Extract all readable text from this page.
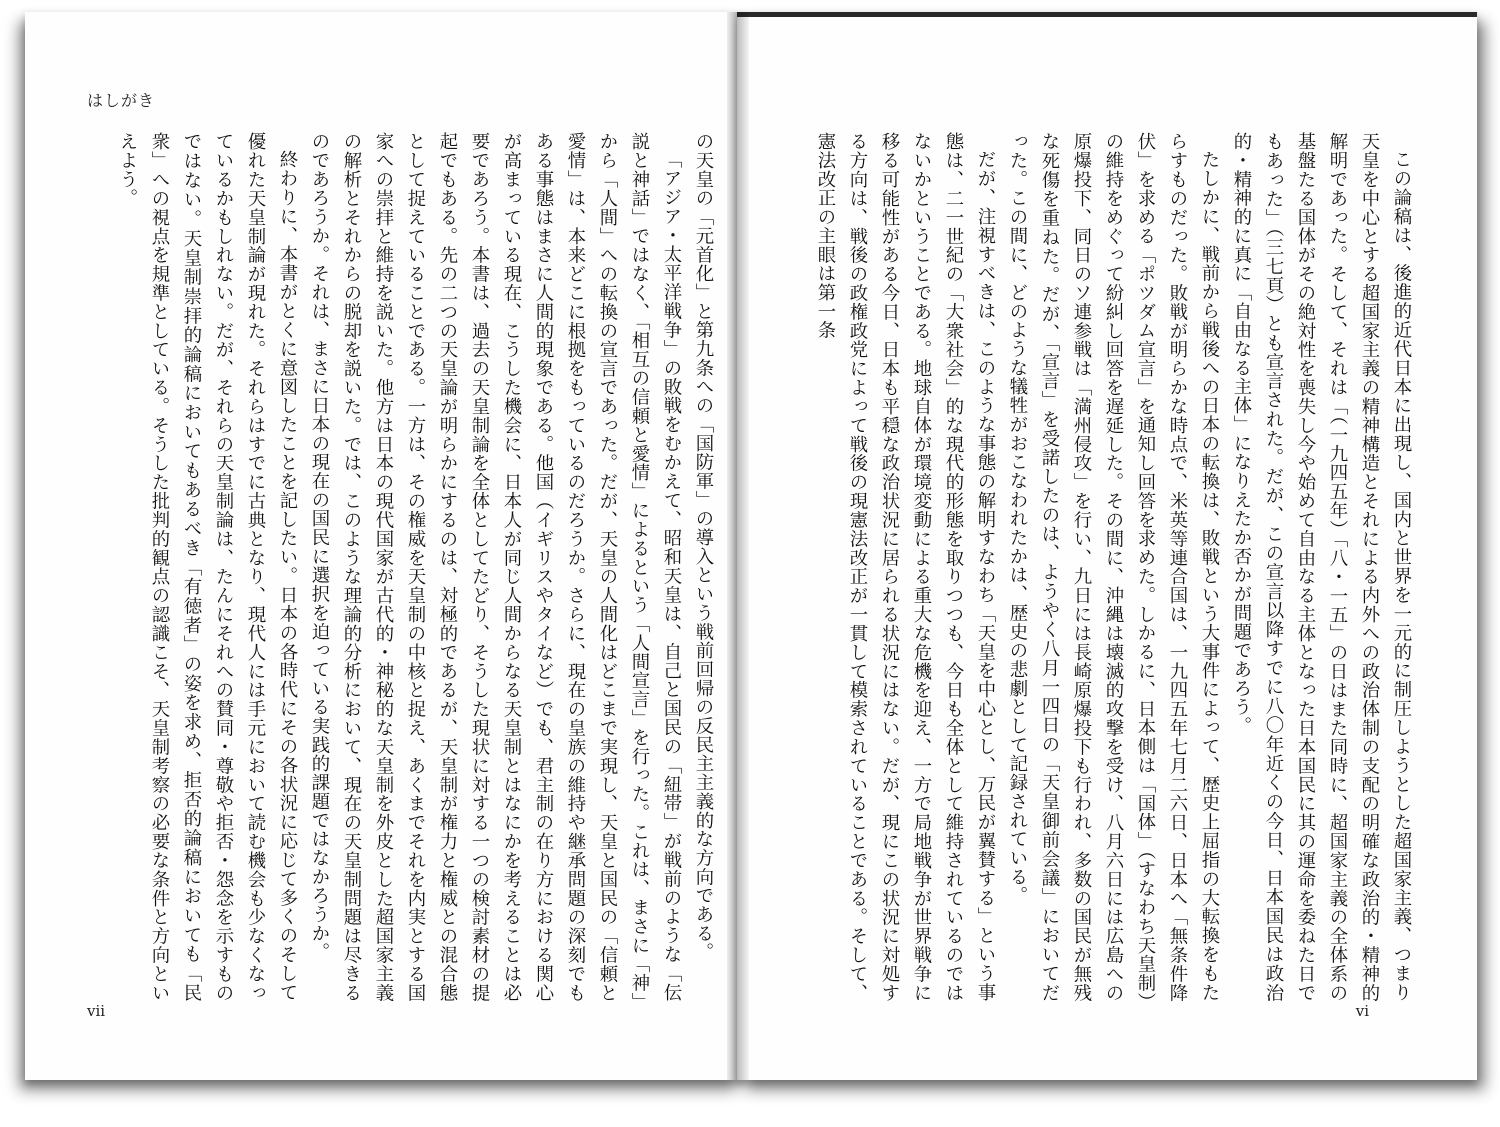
はしがき

の天皇の「元首化」と第九条への「国防軍」の導入という戦前回帰の反民主主義的な方向である。

「アジア・太平洋戦争」の敗戦をむかえて、昭和天皇は、自己と国民の「紐帯」が戦前のような「伝説と神話」ではなく、「相互の信頼と愛情」によるという「人間宣言」を行った。これは、まさに「神」から「人間」への転換の宣言であった。だが、天皇の人間化はどこまで実現し、天皇と国民の「信頼と愛情」は、本来どこに根拠をもっているのだろうか。さらに、現在の皇族の維持や継承問題の深刻でもある事態はまさに人間的現象である。他国（イギリスやタイなど）でも、君主制の在り方における関心が高まっている現在、こうした機会に、日本人が同じ人間からなる天皇制とはなにかを考えることは必要であろう。本書は、過去の天皇制論を全体としてたどり、そうした現状に対する一つの検討素材の提起でもある。先の二つの天皇論が明らかにするのは、対極的であるが、天皇制が権力と権威との混合態として捉えていることである。一方は、その権威を天皇制の中核と捉え、あくまでそれを内実とする国家への崇拝と維持を説いた。他方は日本の現代国家が古代的・神秘的な天皇制を外皮とした超国家主義の解析とそれからの脱却を説いた。では、このような理論的分析において、現在の天皇制問題は尽きるのであろうか。それは、まさに日本の現在の国民に選択を迫っている実践的課題ではなかろうか。

終わりに、本書がとくに意図したことを記したい。日本の各時代にその各状況に応じて多くのそして優れた天皇制論が現れた。それらはすでに古典となり、現代人には手元において読む機会も少なくなっているかもしれない。だが、それらの天皇制論は、たんにそれへの賛同・尊敬や拒否・怨念を示すものではない。天皇制崇拝的論稿においてもあるべき「有徳者」の姿を求め、拒否的論稿においても「民衆」への視点を規準としている。そうした批判的観点の認識こそ、天皇制考察の必要な条件と方向といえよう。

vii

この論稿は、後進的近代日本に出現し、国内と世界を一元的に制圧しようとした超国家主義、つまり天皇を中心とする超国家主義の精神構造とそれによる内外への政治体制の支配の明確な政治的・精神的解明であった。そして、それは「（一九四五年）「八・一五」の日はまた同時に、超国家主義の全体系の基盤たる国体がその絶対性を喪失し今や始めて自由なる主体となった日本国民に其の運命を委ねた日でもあった」（三七頁）とも宣言された。だが、この宣言以降すでに八〇年近くの今日、日本国民は政治的・精神的に真に「自由なる主体」になりえたか否かが問題であろう。

たしかに、戦前から戦後への日本の転換は、敗戦という大事件によって、歴史上屈指の大転換をもたらすものだった。敗戦が明らかな時点で、米英等連合国は、一九四五年七月二六日、日本へ「無条件降伏」を求める「ポツダム宣言」を通知し回答を求めた。しかるに、日本側は「国体」（すなわち天皇制）の維持をめぐって紛糾し回答を遅延した。その間に、沖縄は壊滅的攻撃を受け、八月六日には広島への原爆投下、同日のソ連参戦は「満州侵攻」を行い、九日には長崎原爆投下も行われ、多数の国民が無残な死傷を重ねた。だが、「宣言」を受諾したのは、ようやく八月一四日の「天皇御前会議」においてだった。この間に、どのような犠牲がおこなわれたかは、歴史の悲劇として記録されている。

だが、注視すべきは、このような事態の解明すなわち「天皇を中心とし、万民が翼賛する」という事態は、二一世紀の「大衆社会」的な現代的形態を取りつつも、今日も全体として維持されているのではないかということである。地球自体が環境変動による重大な危機を迎え、一方で局地戦争が世界戦争に移る可能性がある今日、日本も平穏な政治状況に居られる状況にはない。だが、現にこの状況に対処する方向は、戦後の政権政党によって戦後の現憲法改正が一貫して模索されていることである。そして、憲法改正の主眼は第一条

vi
